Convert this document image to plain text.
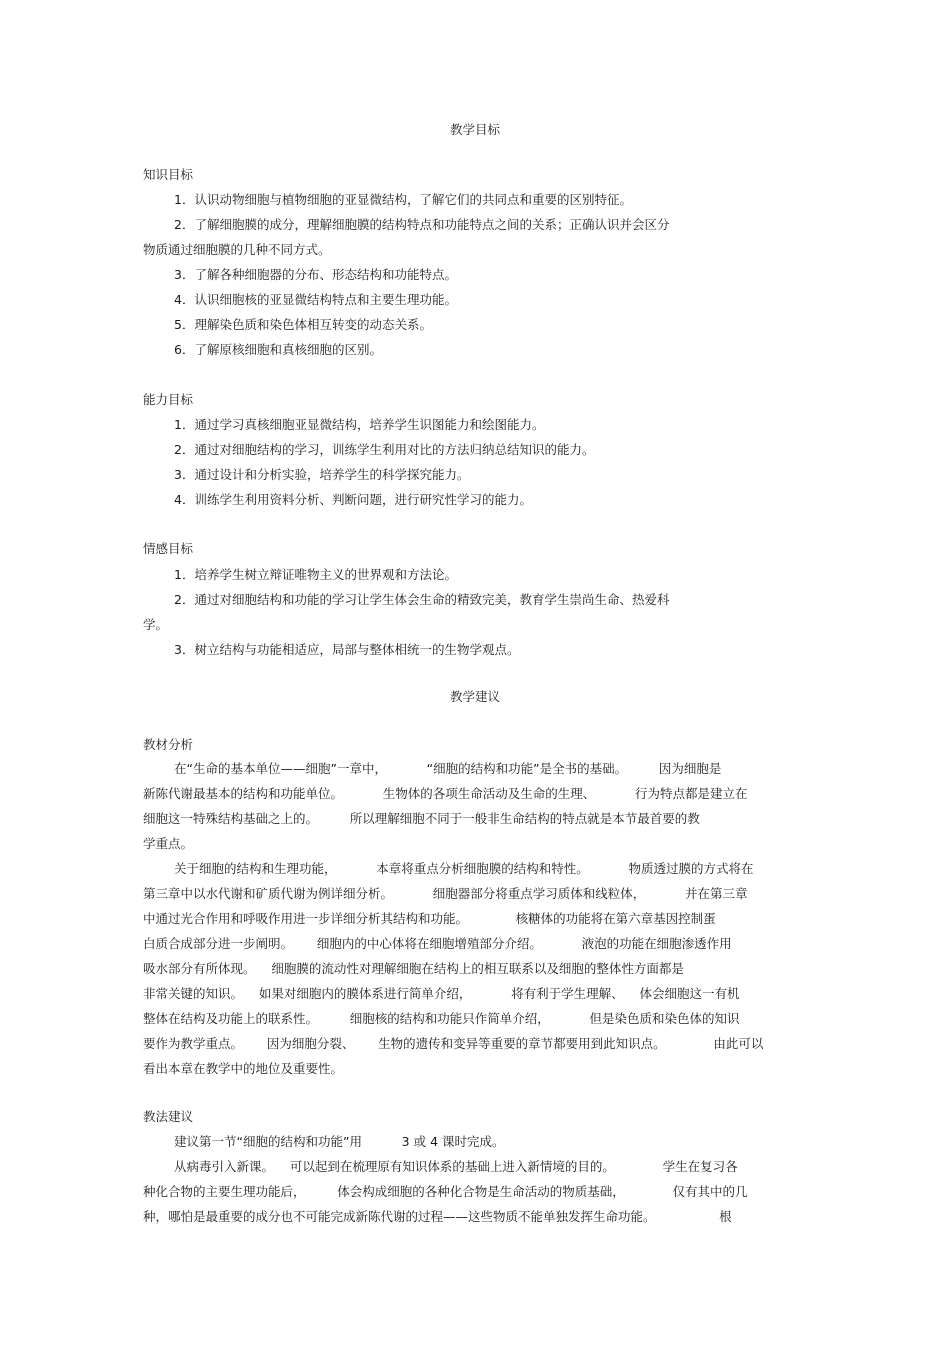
教学目标
知识目标
1．认识动物细胞与植物细胞的亚显微结构，了解它们的共同点和重要的区别特征。
2．了解细胞膜的成分，理解细胞膜的结构特点和功能特点之间的关系；正确认识并会区分
物质通过细胞膜的几种不同方式。
3．了解各种细胞器的分布、形态结构和功能特点。
4．认识细胞核的亚显微结构特点和主要生理功能。
5．理解染色质和染色体相互转变的动态关系。
6．了解原核细胞和真核细胞的区别。
能力目标
1．通过学习真核细胞亚显微结构，培养学生识图能力和绘图能力。
2．通过对细胞结构的学习，训练学生利用对比的方法归纳总结知识的能力。
3．通过设计和分析实验，培养学生的科学探究能力。
4．训练学生利用资料分析、判断问题，进行研究性学习的能力。
情感目标
1．培养学生树立辩证唯物主义的世界观和方法论。
2．通过对细胞结构和功能的学习让学生体会生命的精致完美，教育学生崇尚生命、热爱科
学。
3．树立结构与功能相适应，局部与整体相统一的生物学观点。
教学建议
教材分析
在“生命的基本单位——细胞”一章中，          “细胞的结构和功能”是全书的基础。        因为细胞是
新陈代谢最基本的结构和功能单位。          生物体的各项生命活动及生命的生理、          行为特点都是建立在
细胞这一特殊结构基础之上的。        所以理解细胞不同于一般非生命结构的特点就是本节最首要的教
学重点。
关于细胞的结构和生理功能，          本章将重点分析细胞膜的结构和特性。          物质透过膜的方式将在
第三章中以水代谢和矿质代谢为例详细分析。          细胞器部分将重点学习质体和线粒体，          并在第三章
中通过光合作用和呼吸作用进一步详细分析其结构和功能。            核糖体的功能将在第六章基因控制蛋
白质合成部分进一步阐明。      细胞内的中心体将在细胞增殖部分介绍。          液泡的功能在细胞渗透作用
吸水部分有所体现。    细胞膜的流动性对理解细胞在结构上的相互联系以及细胞的整体性方面都是
非常关键的知识。    如果对细胞内的膜体系进行简单介绍，          将有利于学生理解、    体会细胞这一有机
整体在结构及功能上的联系性。        细胞核的结构和功能只作简单介绍，          但是染色质和染色体的知识
要作为教学重点。      因为细胞分裂、      生物的遗传和变异等重要的章节都要用到此知识点。            由此可以
看出本章在教学中的地位及重要性。
教法建议
建议第一节“细胞的结构和功能”用          3 或 4 课时完成。
从病毒引入新课。    可以起到在梳理原有知识体系的基础上进入新情境的目的。            学生在复习各
种化合物的主要生理功能后，        体会构成细胞的各种化合物是生命活动的物质基础，            仅有其中的几
种，哪怕是最重要的成分也不可能完成新陈代谢的过程——这些物质不能单独发挥生命功能。                根
